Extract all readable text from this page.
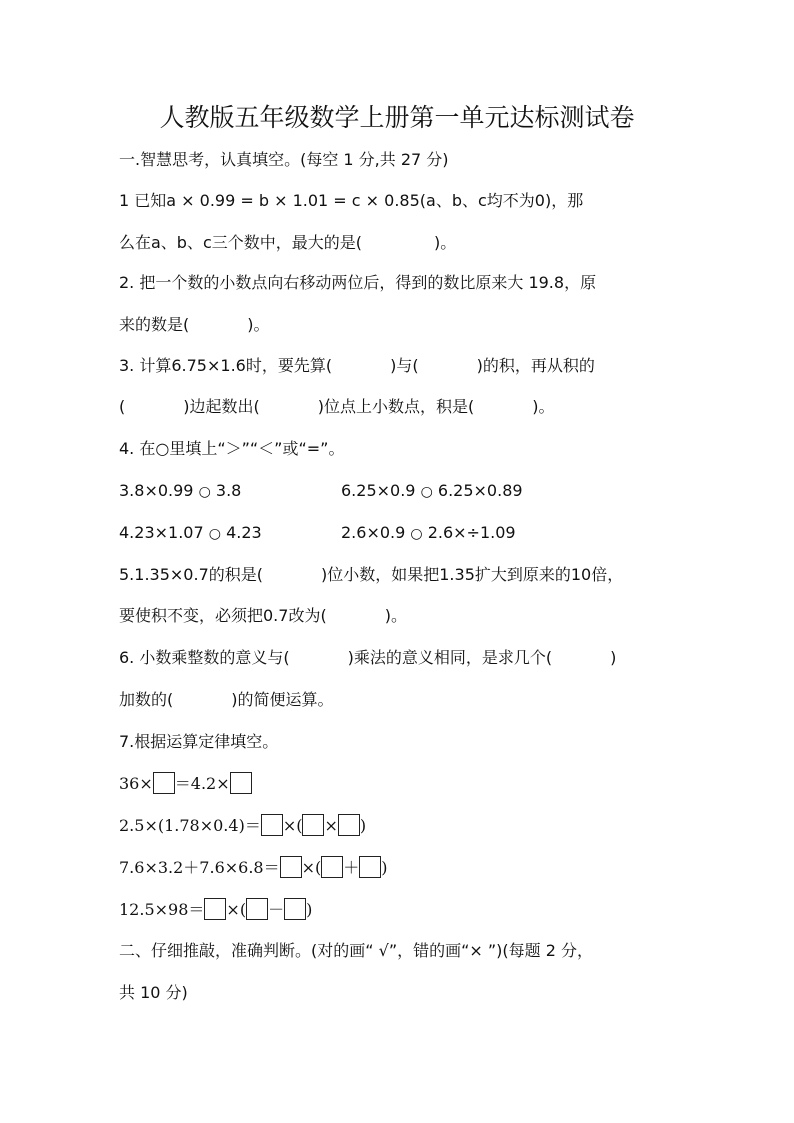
人教版五年级数学上册第一单元达标测试卷
一.智慧思考，认真填空。(每空 1 分,共 27 分)
1 已知a × 0.99 = b × 1.01 = c × 0.85(a、b、c均不为0)，那
么在a、b、c三个数中，最大的是(	)。
2. 把一个数的小数点向右移动两位后，得到的数比原来大 19.8，原
来的数是(	)。
3. 计算6.75×1.6时，要先算(	)与(	)的积，再从积的
(	)边起数出(	)位点上小数点，积是(	)。
4. 在○里填上“＞”“＜”或“=”。
3.8×0.99 ○ 3.8	6.25×0.9 ○ 6.25×0.89
4.23×1.07 ○ 4.23	2.6×0.9 ○ 2.6×÷1.09
5.1.35×0.7的积是(	)位小数，如果把1.35扩大到原来的10倍，
要使积不变，必须把0.7改为(	)。
6. 小数乘整数的意义与(	)乘法的意义相同，是求几个(	)
加数的(	)的简便运算。
7.根据运算定律填空。
36× ＝4.2×
2.5×(1.78×0.4)＝ ×( × )
7.6×3.2＋7.6×6.8＝ ×( ＋ )
12.5×98＝ ×( － )
二、仔细推敲，准确判断。(对的画“ √”，错的画“× ”)(每题 2 分，
共 10 分)
